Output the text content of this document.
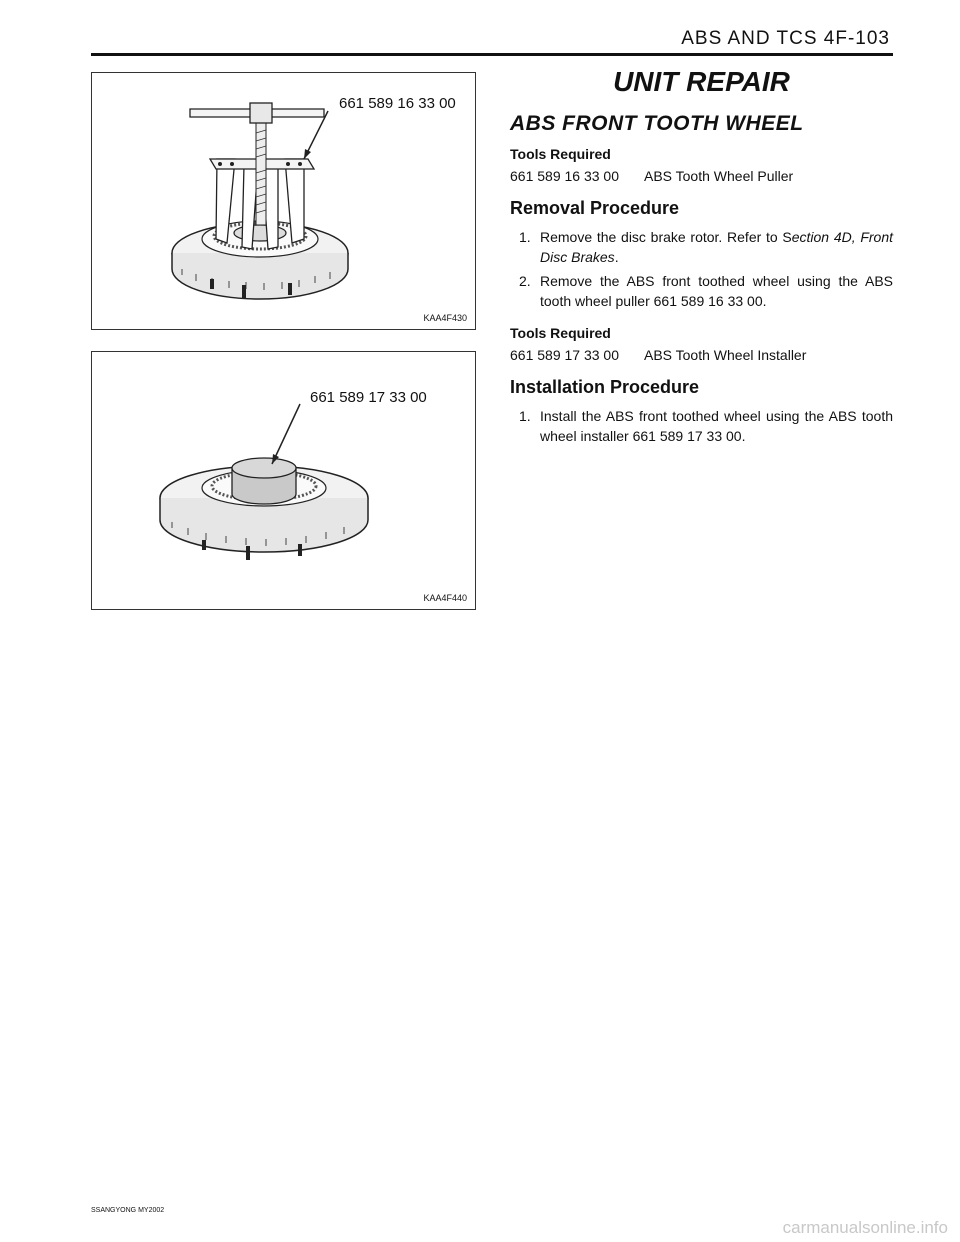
ABS AND TCS 4F-103
661 589 16 33 00
KAA4F430
661 589 17 33 00
KAA4F440
UNIT REPAIR
ABS FRONT TOOTH WHEEL
Tools Required
661 589 16 33 00 ABS Tooth Wheel Puller
Removal Procedure
1. Remove the disc brake rotor. Refer to Section 4D, Front Disc Brakes.
2. Remove the ABS front toothed wheel using the ABS tooth wheel puller 661 589 16 33 00.
Tools Required
661 589 17 33 00 ABS Tooth Wheel Installer
Installation Procedure
1. Install the ABS front toothed wheel using the ABS tooth wheel installer 661 589 17 33 00.
SSANGYONG MY2002
carmanualsonline.info
